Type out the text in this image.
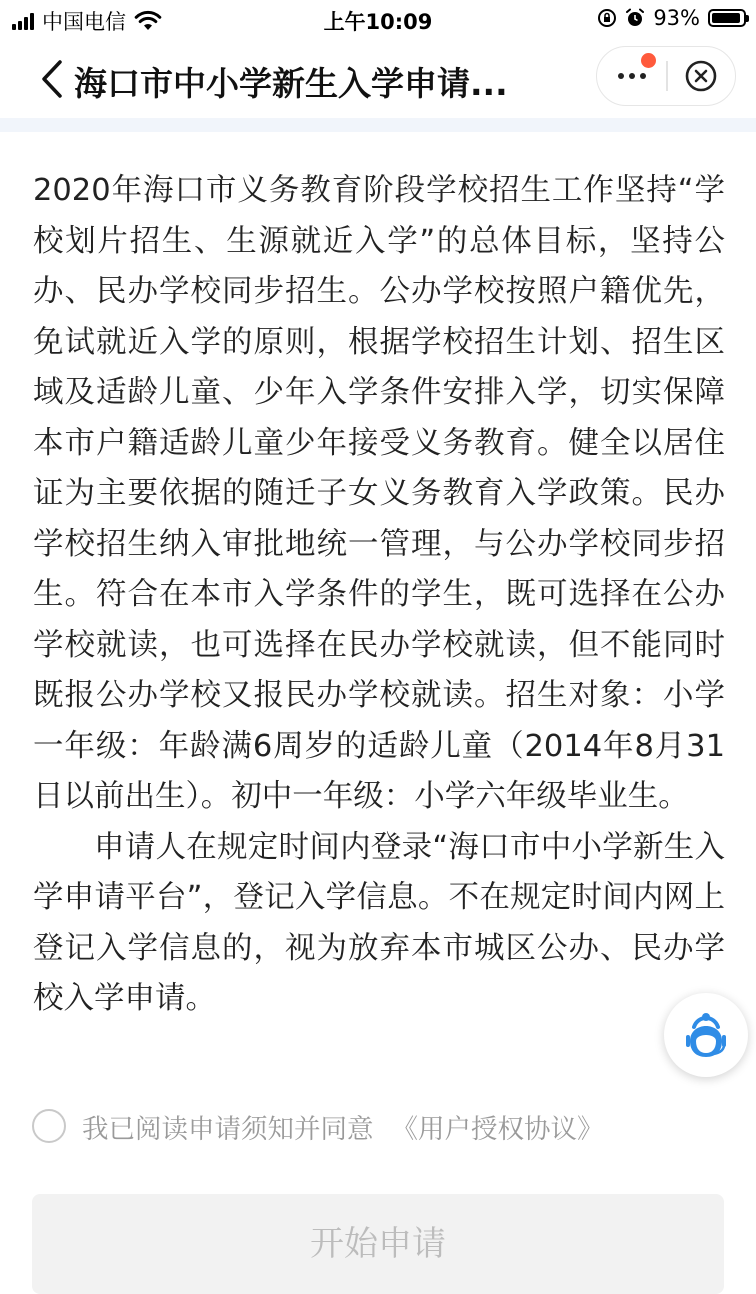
中国电信	上午10:09	93%
海口市中小学新生入学申请...

2020年海口市义务教育阶段学校招生工作坚持“学校划片招生、生源就近入学”的总体目标，坚持公办、民办学校同步招生。公办学校按照户籍优先，免试就近入学的原则，根据学校招生计划、招生区域及适龄儿童、少年入学条件安排入学，切实保障本市户籍适龄儿童少年接受义务教育。健全以居住证为主要依据的随迁子女义务教育入学政策。民办学校招生纳入审批地统一管理，与公办学校同步招生。符合在本市入学条件的学生，既可选择在公办学校就读，也可选择在民办学校就读，但不能同时既报公办学校又报民办学校就读。招生对象：小学一年级：年龄满6周岁的适龄儿童（2014年8月31日以前出生）。初中一年级：小学六年级毕业生。

申请人在规定时间内登录“海口市中小学新生入学申请平台”，登记入学信息。不在规定时间内网上登记入学信息的，视为放弃本市城区公办、民办学校入学申请。

我已阅读申请须知并同意 《用户授权协议》
开始申请
